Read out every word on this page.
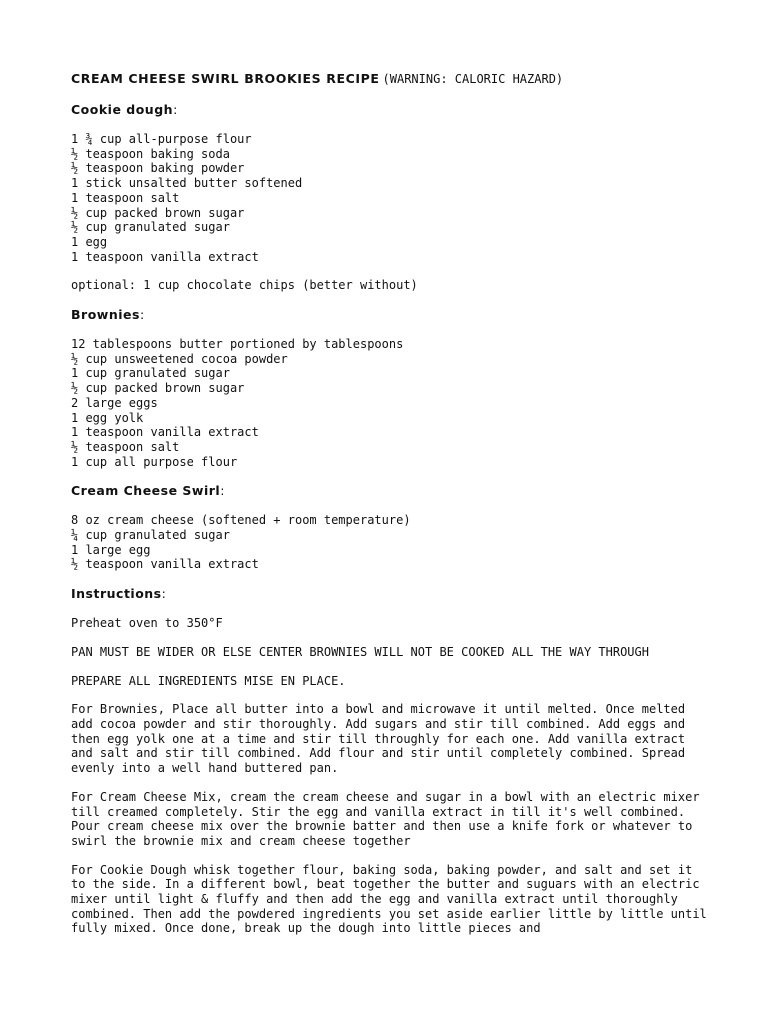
CREAM CHEESE SWIRL BROOKIES RECIPE (WARNING: CALORIC HAZARD)
Cookie dough:
1 ¾ cup all-purpose flour
½ teaspoon baking soda
½ teaspoon baking powder
1 stick unsalted butter softened
1 teaspoon salt
½ cup packed brown sugar
½ cup granulated sugar
1 egg
1 teaspoon vanilla extract
optional: 1 cup chocolate chips (better without)
Brownies:
12 tablespoons butter portioned by tablespoons
½ cup unsweetened cocoa powder
1 cup granulated sugar
½ cup packed brown sugar
2 large eggs
1 egg yolk
1 teaspoon vanilla extract
½ teaspoon salt
1 cup all purpose flour
Cream Cheese Swirl:
8 oz cream cheese (softened + room temperature)
¼ cup granulated sugar
1 large egg
½ teaspoon vanilla extract
Instructions:
Preheat oven to 350°F
PAN MUST BE WIDER OR ELSE CENTER BROWNIES WILL NOT BE COOKED ALL THE WAY THROUGH
PREPARE ALL INGREDIENTS MISE EN PLACE.
For Brownies, Place all butter into a bowl and microwave it until melted. Once melted add cocoa powder and stir thoroughly. Add sugars and stir till combined. Add eggs and then egg yolk one at a time and stir till throughly for each one. Add vanilla extract and salt and stir till combined. Add flour and stir until completely combined. Spread evenly into a well hand buttered pan.
For Cream Cheese Mix, cream the cream cheese and sugar in a bowl with an electric mixer till creamed completely. Stir the egg and vanilla extract in till it's well combined. Pour cream cheese mix over the brownie batter and then use a knife fork or whatever to swirl the brownie mix and cream cheese together
For Cookie Dough whisk together flour, baking soda, baking powder, and salt and set it to the side. In a different bowl, beat together the butter and suguars with an electric mixer until light & fluffy and then add the egg and vanilla extract until thoroughly combined. Then add the powdered ingredients you set aside earlier little by little until fully mixed. Once done, break up the dough into little pieces and
